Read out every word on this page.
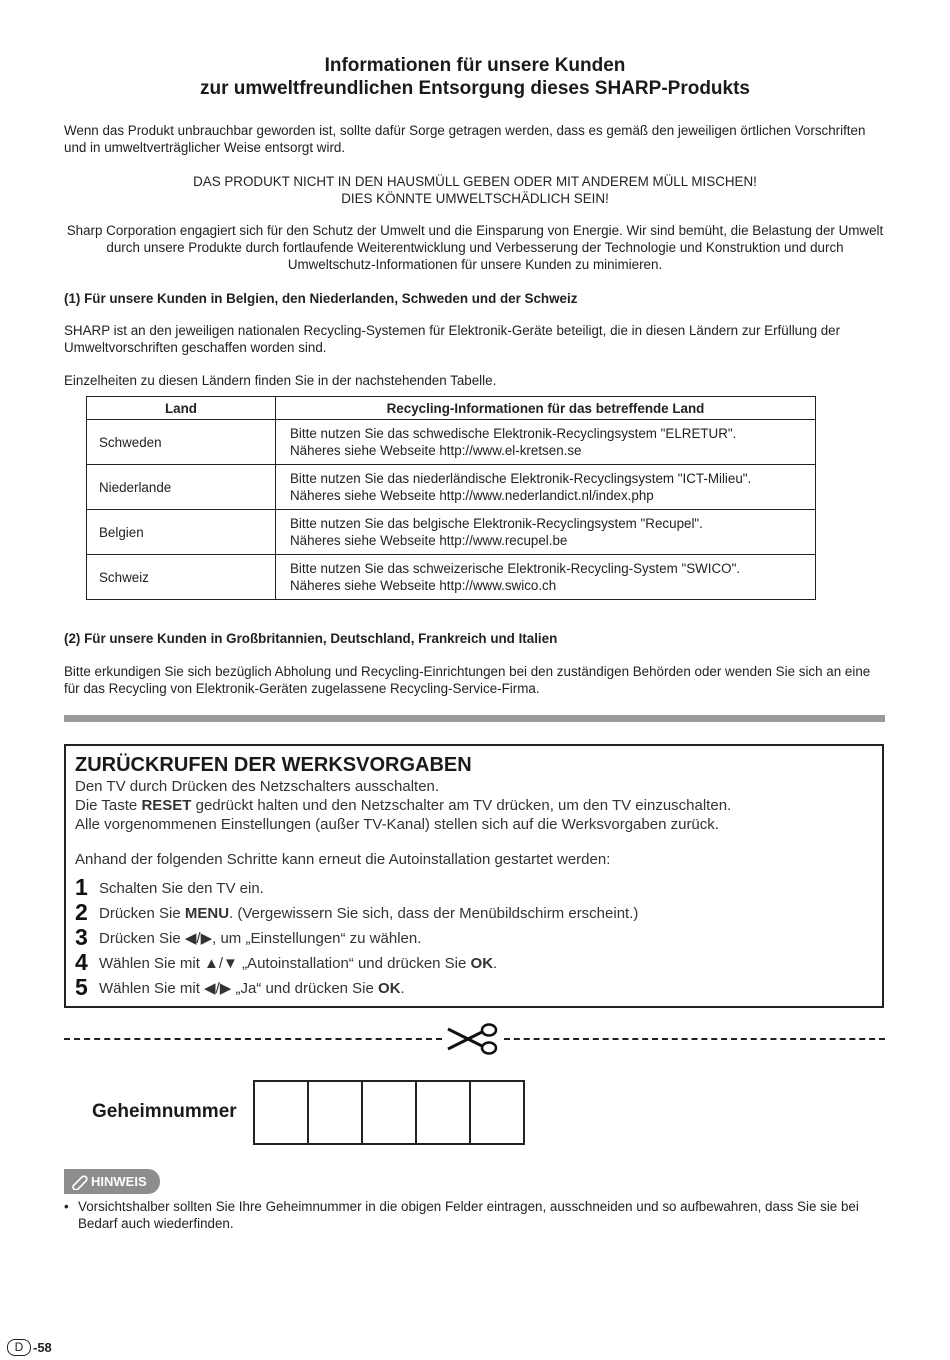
Informationen für unsere Kunden
zur umweltfreundlichen Entsorgung dieses SHARP-Produkts

Wenn das Produkt unbrauchbar geworden ist, sollte dafür Sorge getragen werden, dass es gemäß den jeweiligen örtlichen Vorschriften und in umweltverträglicher Weise entsorgt wird.

DAS PRODUKT NICHT IN DEN HAUSMÜLL GEBEN ODER MIT ANDEREM MÜLL MISCHEN!

DIES KÖNNTE UMWELTSCHÄDLICH SEIN!

Sharp Corporation engagiert sich für den Schutz der Umwelt und die Einsparung von Energie. Wir sind bemüht, die Belastung der Umwelt durch unsere Produkte durch fortlaufende Weiterentwicklung und Verbesserung der Technologie und Konstruktion und durch Umweltschutz-Informationen für unsere Kunden zu minimieren.

(1) Für unsere Kunden in Belgien, den Niederlanden, Schweden und der Schweiz

SHARP ist an den jeweiligen nationalen Recycling-Systemen für Elektronik-Geräte beteiligt, die in diesen Ländern zur Erfüllung der Umweltvorschriften geschaffen worden sind.

Einzelheiten zu diesen Ländern finden Sie in der nachstehenden Tabelle.

Land	Recycling-Informationen für das betreffende Land
Schweden	Bitte nutzen Sie das schwedische Elektronik-Recyclingsystem "ELRETUR".
Näheres siehe Webseite http://www.el-kretsen.se

Niederlande	Bitte nutzen Sie das niederländische Elektronik-Recyclingsystem "ICT-Milieu".
Näheres siehe Webseite http://www.nederlandict.nl/index.php

Belgien	Bitte nutzen Sie das belgische Elektronik-Recyclingsystem "Recupel".
Näheres siehe Webseite http://www.recupel.be

Schweiz	Bitte nutzen Sie das schweizerische Elektronik-Recycling-System "SWICO".
Näheres siehe Webseite http://www.swico.ch

(2) Für unsere Kunden in Großbritannien, Deutschland, Frankreich und Italien

Bitte erkundigen Sie sich bezüglich Abholung und Recycling-Einrichtungen bei den zuständigen Behörden oder wenden Sie sich an eine für das Recycling von Elektronik-Geräten zugelassene Recycling-Service-Firma.

ZURÜCKRUFEN DER WERKSVORGABEN
Den TV durch Drücken des Netzschalters ausschalten.
Die Taste RESET gedrückt halten und den Netzschalter am TV drücken, um den TV einzuschalten.
Alle vorgenommenen Einstellungen (außer TV-Kanal) stellen sich auf die Werksvorgaben zurück.
Anhand der folgenden Schritte kann erneut die Autoinstallation gestartet werden:
1 Schalten Sie den TV ein.
2 Drücken Sie MENU. (Vergewissern Sie sich, dass der Menübildschirm erscheint.)
3 Drücken Sie ◀/▶, um „Einstellungen“ zu wählen.
4 Wählen Sie mit ▲/▼ „Autoinstallation“ und drücken Sie OK.
5 Wählen Sie mit ◀/▶ „Ja“ und drücken Sie OK.
Geheimnummer
HINWEIS
• Vorsichtshalber sollten Sie Ihre Geheimnummer in die obigen Felder eintragen, ausschneiden und so aufbewahren, dass Sie sie bei Bedarf auch wiederfinden.
D -58
